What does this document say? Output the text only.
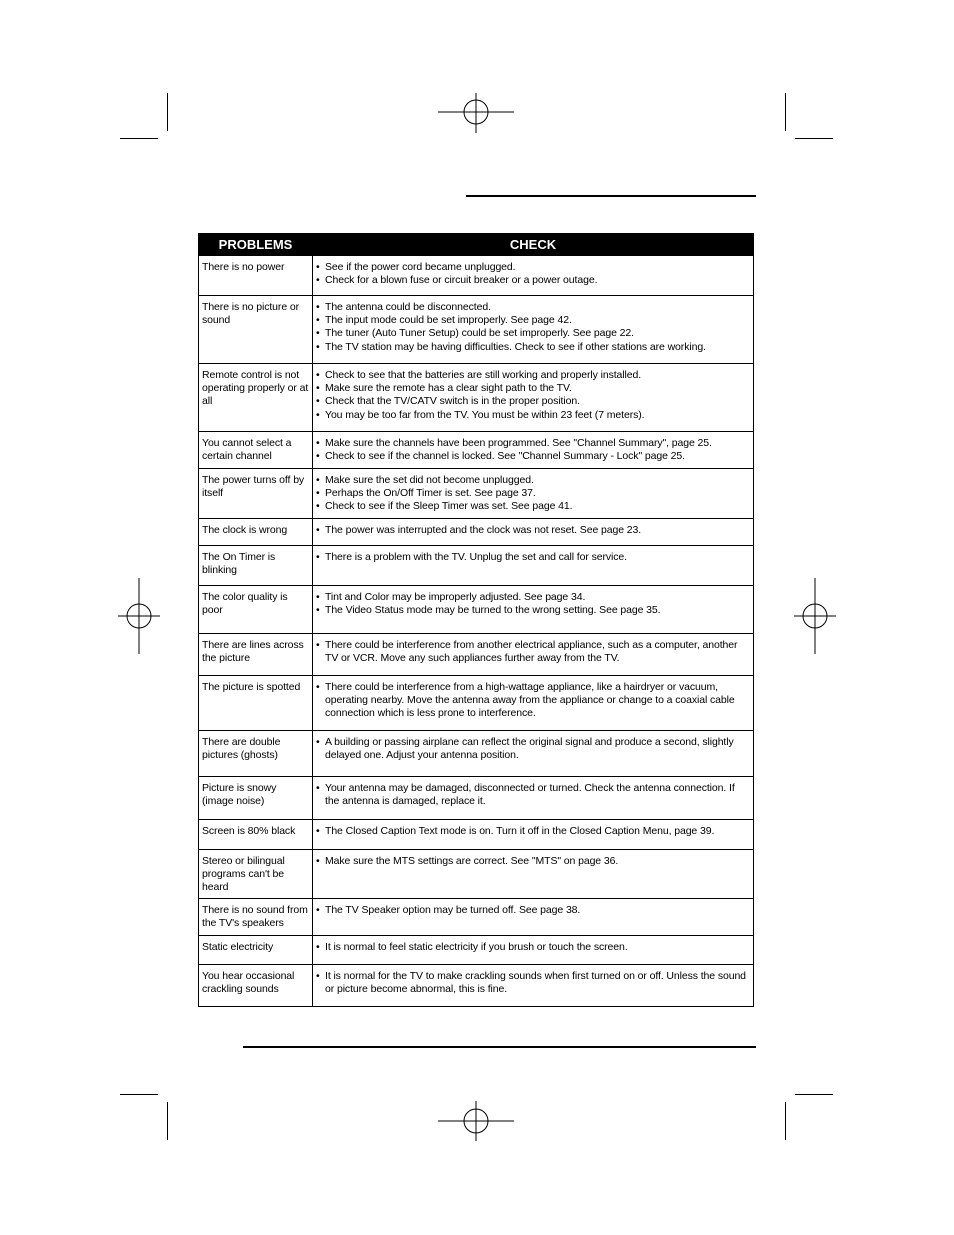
PROBLEMS	CHECK
There is no power	• See if the power cord became unplugged.
• Check for a blown fuse or circuit breaker or a power outage.

There is no picture or sound	• The antenna could be disconnected.
• The input mode could be set improperly. See page 42.
• The tuner (Auto Tuner Setup) could be set improperly. See page 22.
• The TV station may be having difficulties. Check to see if other stations are working.

Remote control is not operating properly or at all	• Check to see that the batteries are still working and properly installed.
• Make sure the remote has a clear sight path to the TV.
• Check that the TV/CATV switch is in the proper position.
• You may be too far from the TV. You must be within 23 feet (7 meters).

You cannot select a certain channel	• Make sure the channels have been programmed. See "Channel Summary", page 25.
• Check to see if the channel is locked. See "Channel Summary - Lock" page 25.

The power turns off by itself	• Make sure the set did not become unplugged.
• Perhaps the On/Off Timer is set. See page 37.
• Check to see if the Sleep Timer was set. See page 41.

The clock is wrong	• The power was interrupted and the clock was not reset. See page 23.

The On Timer is blinking	• There is a problem with the TV. Unplug the set and call for service.

The color quality is poor	• Tint and Color may be improperly adjusted. See page 34.
• The Video Status mode may be turned to the wrong setting. See page 35.

There are lines across the picture	• There could be interference from another electrical appliance, such as a computer, another TV or VCR. Move any such appliances further away from the TV.

The picture is spotted	• There could be interference from a high-wattage appliance, like a hairdryer or vacuum, operating nearby. Move the antenna away from the appliance or change to a coaxial cable connection which is less prone to interference.

There are double pictures (ghosts)	• A building or passing airplane can reflect the original signal and produce a second, slightly delayed one. Adjust your antenna position.

Picture is snowy (image noise)	• Your antenna may be damaged, disconnected or turned. Check the antenna connection. If the antenna is damaged, replace it.

Screen is 80% black	• The Closed Caption Text mode is on. Turn it off in the Closed Caption Menu, page 39.

Stereo or bilingual programs can't be heard	• Make sure the MTS settings are correct. See "MTS" on page 36.

There is no sound from the TV's speakers	• The TV Speaker option may be turned off. See page 38.

Static electricity	• It is normal to feel static electricity if you brush or touch the screen.

You hear occasional crackling sounds	• It is normal for the TV to make crackling sounds when first turned on or off. Unless the sound or picture become abnormal, this is fine.
